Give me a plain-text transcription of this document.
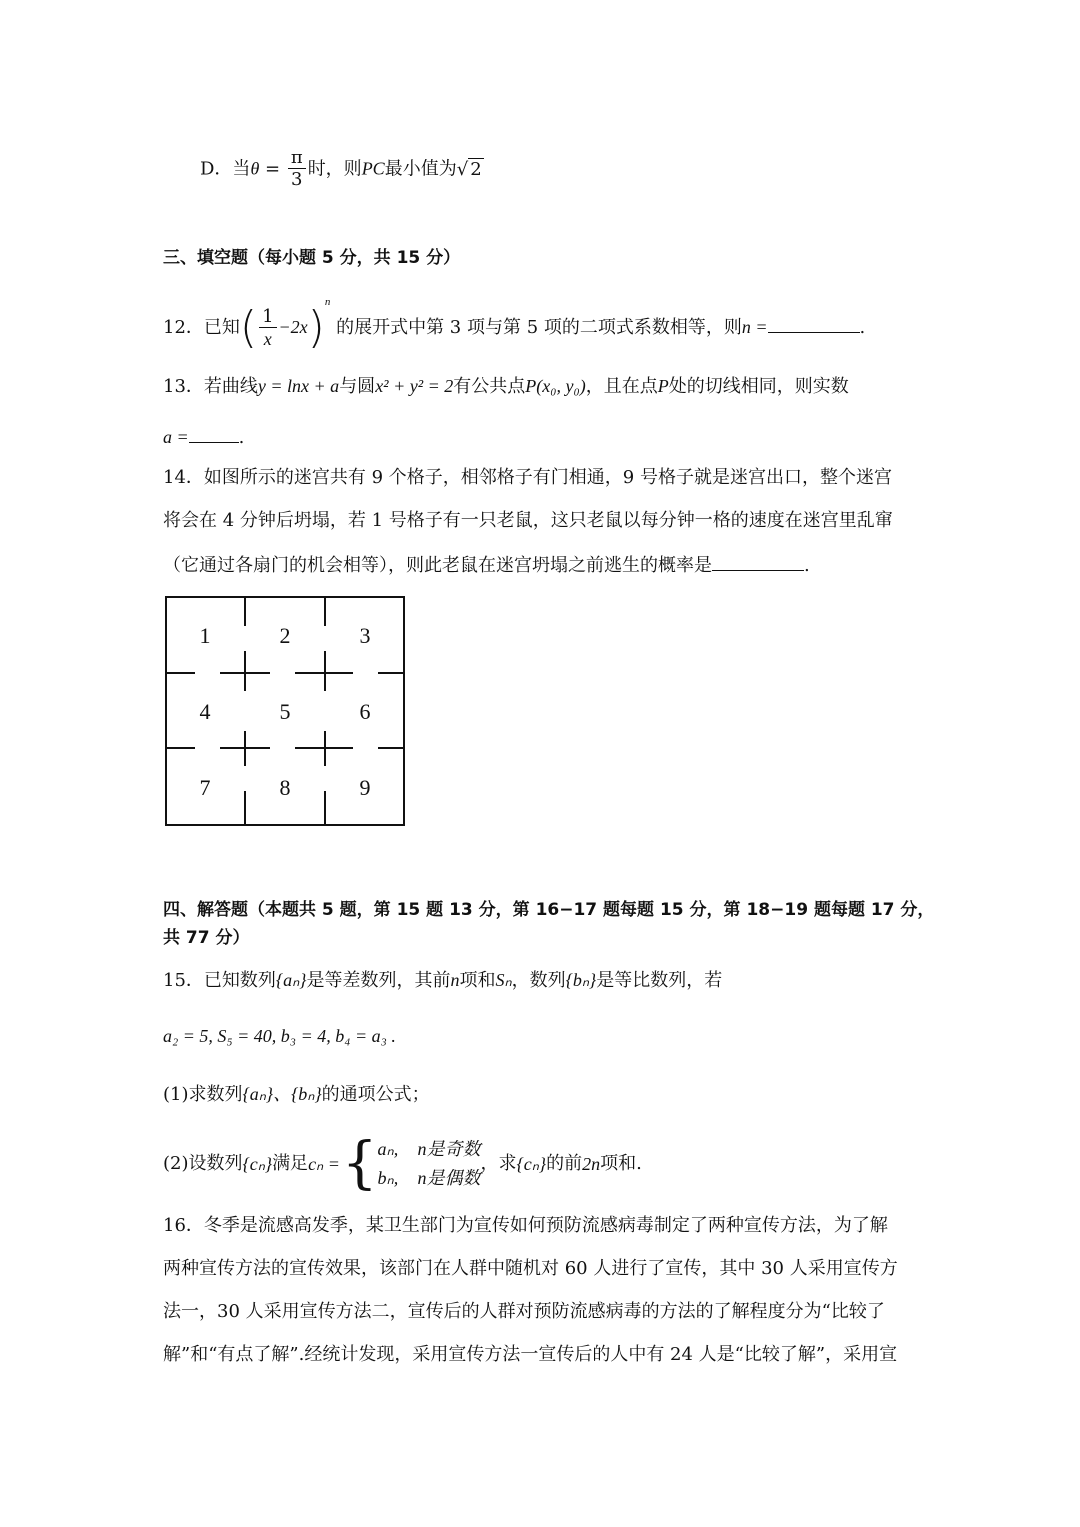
D．当$\theta = \frac{\pi}{3}$ 时，则PC最小值为√ 2
三、填空题（每小题 5 分，共 15 分）
12．已知( $\frac{1}{x} -2x)^n$ 的展开式中第 3 项与第 5 项的二项式系数相等，则n =	.
13．若曲线y = lnx + a与圆x² + y² = 2有公共点P(x₀, y₀)，且在点P处的切线相同，则实数
a =	.
14．如图所示的迷宫共有 9 个格子，相邻格子有门相通，9 号格子就是迷宫出口，整个迷宫
将会在 4 分钟后坍塌，若 1 号格子有一只老鼠，这只老鼠以每分钟一格的速度在迷宫里乱窜
（它通过各扇门的机会相等），则此老鼠在迷宫坍塌之前逃生的概率是	.
1	2	3
4	5	6
7	8	9
四、解答题（本题共 5 题，第 15 题 13 分，第 16−17 题每题 15 分，第 18−19 题每题 17 分，
共 77 分）
15．已知数列{aₙ}是等差数列，其前n项和Sₙ，数列{bₙ}是等比数列，若
a₂ = 5, S₅ = 40, b₃ = 4, b₄ = a₃ .
(1)求数列{aₙ}、{bₙ}的通项公式；
(2)设数列 {cₙ} 满足 cₙ = { aₙ, n是奇数
bₙ, n是偶数
，求 {cₙ} 的前 2n 项和.
16．冬季是流感高发季，某卫生部门为宣传如何预防流感病毒制定了两种宣传方法，为了解
两种宣传方法的宣传效果，该部门在人群中随机对 60 人进行了宣传，其中 30 人采用宣传方
法一，30 人采用宣传方法二，宣传后的人群对预防流感病毒的方法的了解程度分为“比较了
解”和“有点了解”.经统计发现，采用宣传方法一宣传后的人中有 24 人是“比较了解”，采用宣
